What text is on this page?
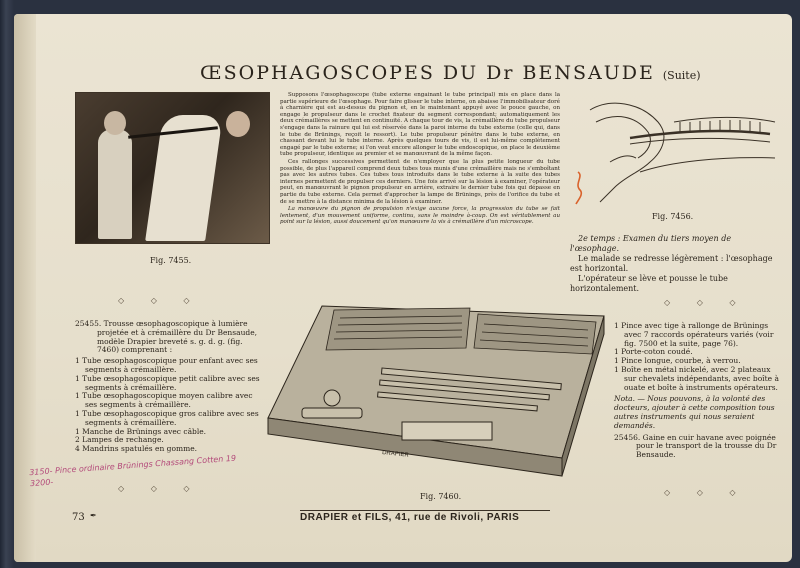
ŒSOPHAGOSCOPES DU Dr BENSAUDE (Suite)
Fig. 7455.

Supposons l'œsophagoscope (tube externe engainant le tube principal) mis en place dans la partie supérieure de l'œsophage. Pour faire glisser le tube interne, on abaisse l'immobilisateur doré à charnière qui est au-dessus du pignon et, en le maintenant appuyé avec le pouce gauche, on engage le propulseur dans le crochet fixateur du segment correspondant; automatiquement les deux crémaillères se mettent en continuité. A chaque tour de vis, la crémaillère du tube propulseur s'engage dans la rainure qui lui est réservée dans la paroi interne du tube externe (celle qui, dans le tube de Brünings, reçoit le ressort). Le tube propulseur pénètre dans le tube externe, en chassant devant lui le tube interne. Après quelques tours de vis, il est lui-même complètement engagé par le tube externe; si l'on veut encore allonger le tube endoscopique, on place le deuxième tube propulseur, identique au premier et se manœuvrant de la même façon.

Ces rallonges successives permettent de n'employer que la plus petite longueur du tube possible, de plus l'appareil comprend deux tubes tous munis d'une crémaillère mais ne s'emboîtant pas avec les autres tubes. Ces tubes tous introduits dans le tube externe à la suite des tubes internes permettent de propulser ces derniers. Une fois arrivé sur la lésion à examiner, l'opérateur peut, en manœuvrant le pignon propulseur en arrière, extraire le dernier tube fois qui dépasse en partie du tube externe. Cela permet d'approcher la lampe de Brünings, près de l'orifice du tube et de se mettre à la distance minima de la lésion à examiner.

La manœuvre du pignon de propulsion n'exige aucune force, la progression du tube se fait lentement, d'un mouvement uniforme, continu, sans le moindre à-coup. On est véritablement au point sur la lésion, aussi doucement qu'on manœuvre la vis à crémaillère d'un microscope.

Fig. 7456.

2e temps : Examen du tiers moyen de l'œsophage.

Le malade se redresse légèrement : l'œsophage est horizontal.

L'opérateur se lève et pousse le tube horizontalement.

◇ ◇ ◇	◇ ◇ ◇
◇ ◇ ◇	◇ ◇ ◇

25455. Trousse œsophagoscopique à lumière projetée et à crémaillère du Dr Bensaude, modèle Drapier breveté s. g. d. g. (fig. 7460) comprenant :

1 Tube œsophagoscopique pour enfant avec ses segments à crémaillère.

1 Tube œsophagoscopique petit calibre avec ses segments à crémaillère.

1 Tube œsophagoscopique moyen calibre avec ses segments à crémaillère.

1 Tube œsophagoscopique gros calibre avec ses segments à crémaillère.

1 Manche de Brünings avec câble.

2 Lampes de rechange.

4 Mandrins spatulés en gomme.

DRAPIER
Fig. 7460.

1 Pince avec tige à rallonge de Brünings avec 7 raccords opérateurs variés (voir fig. 7500 et la suite, page 76).

1 Porte-coton coudé.

1 Pince longue, courbe, à verrou.

1 Boîte en métal nickelé, avec 2 plateaux sur chevalets indépendants, avec boîte à ouate et boîte à instruments opérateurs.

Nota. — Nous pouvons, à la volonté des docteurs, ajouter à cette composition tous autres instruments qui nous seraient demandés.

25456. Gaine en cuir havane avec poignée pour le transport de la trousse du Dr Bensaude.

3150- Pince ordinaire Brünings Chassang Cotten 19
3200-
73 ✒	DRAPIER et FILS, 41, rue de Rivoli, PARIS
